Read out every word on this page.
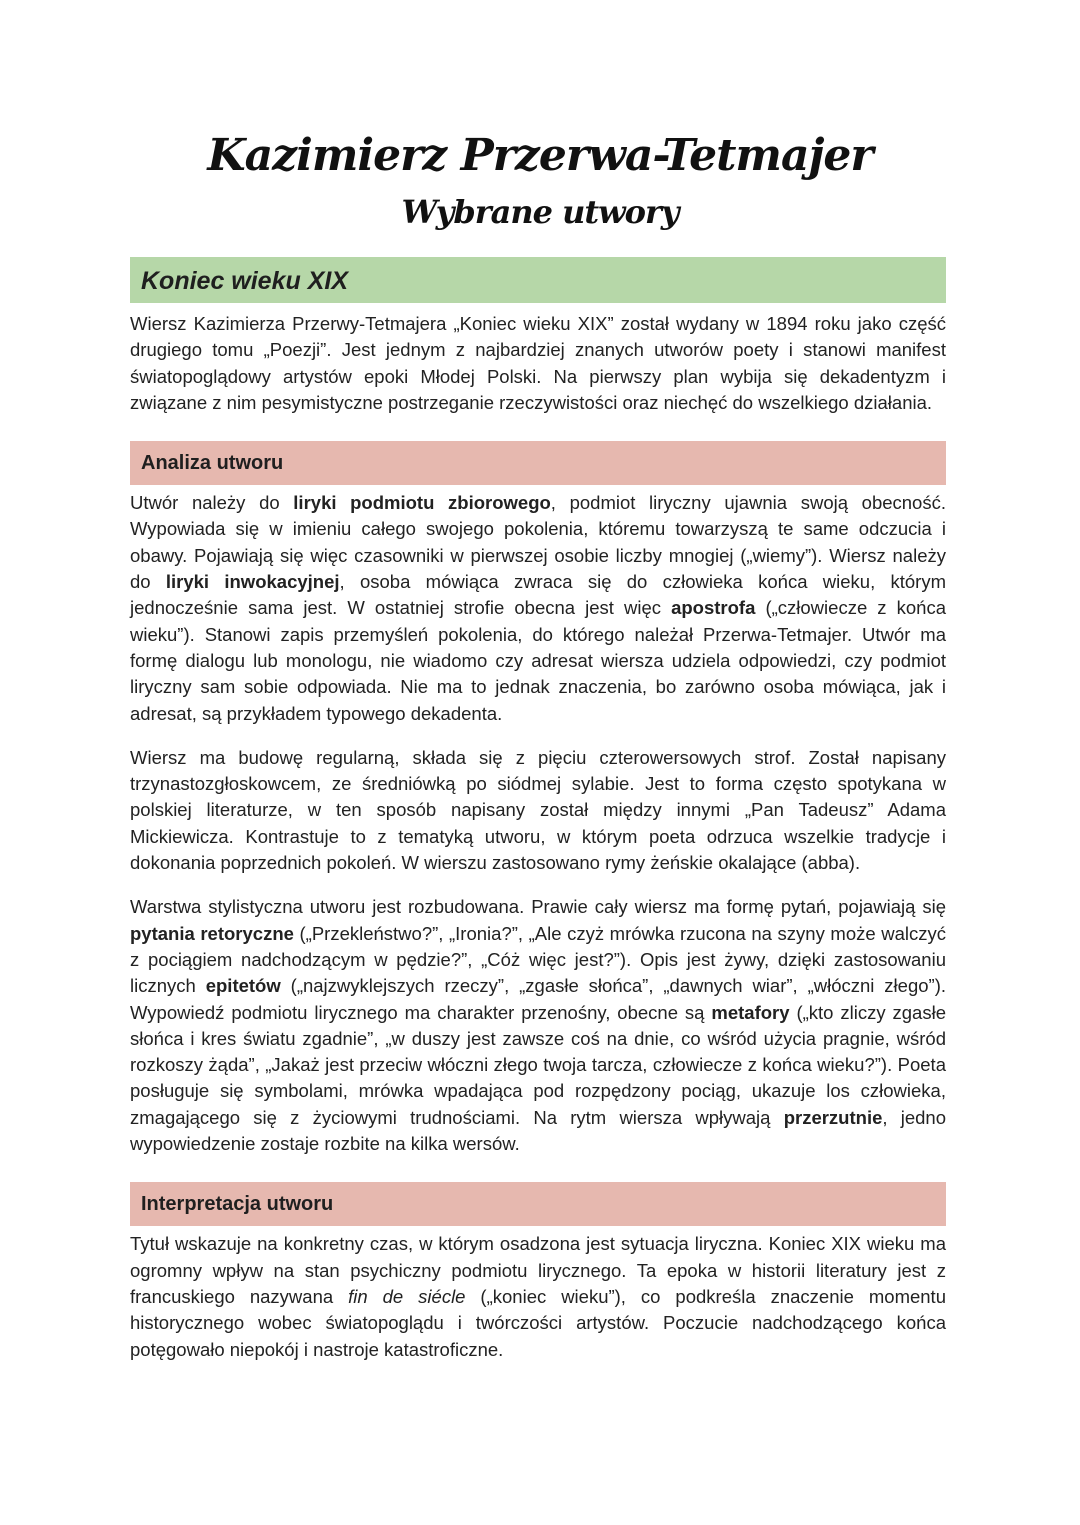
Kazimierz Przerwa-Tetmajer
Wybrane utwory
Koniec wieku XIX

Wiersz Kazimierza Przerwy-Tetmajera „Koniec wieku XIX” został wydany w 1894 roku jako część drugiego tomu „Poezji”. Jest jednym z najbardziej znanych utworów poety i stanowi manifest światopoglądowy artystów epoki Młodej Polski. Na pierwszy plan wybija się dekadentyzm i związane z nim pesymistyczne postrzeganie rzeczywistości oraz niechęć do wszelkiego działania.

Analiza utworu

Utwór należy do liryki podmiotu zbiorowego, podmiot liryczny ujawnia swoją obecność. Wypowiada się w imieniu całego swojego pokolenia, któremu towarzyszą te same odczucia i obawy. Pojawiają się więc czasowniki w pierwszej osobie liczby mnogiej („wiemy”). Wiersz należy do liryki inwokacyjnej, osoba mówiąca zwraca się do człowieka końca wieku, którym jednocześnie sama jest. W ostatniej strofie obecna jest więc apostrofa („człowiecze z końca wieku”). Stanowi zapis przemyśleń pokolenia, do którego należał Przerwa-Tetmajer. Utwór ma formę dialogu lub monologu, nie wiadomo czy adresat wiersza udziela odpowiedzi, czy podmiot liryczny sam sobie odpowiada. Nie ma to jednak znaczenia, bo zarówno osoba mówiąca, jak i adresat, są przykładem typowego dekadenta.

Wiersz ma budowę regularną, składa się z pięciu czterowersowych strof. Został napisany trzynastozgłoskowcem, ze średniówką po siódmej sylabie. Jest to forma często spotykana w polskiej literaturze, w ten sposób napisany został między innymi „Pan Tadeusz” Adama Mickiewicza. Kontrastuje to z tematyką utworu, w którym poeta odrzuca wszelkie tradycje i dokonania poprzednich pokoleń. W wierszu zastosowano rymy żeńskie okalające (abba).

Warstwa stylistyczna utworu jest rozbudowana. Prawie cały wiersz ma formę pytań, pojawiają się pytania retoryczne („Przekleństwo?”, „Ironia?”, „Ale czyż mrówka rzucona na szyny może walczyć z pociągiem nadchodzącym w pędzie?”, „Cóż więc jest?”). Opis jest żywy, dzięki zastosowaniu licznych epitetów („najzwyklejszych rzeczy”, „zgasłe słońca”, „dawnych wiar”, „włóczni złego”). Wypowiedź podmiotu lirycznego ma charakter przenośny, obecne są metafory („kto zliczy zgasłe słońca i kres światu zgadnie”, „w duszy jest zawsze coś na dnie, co wśród użycia pragnie, wśród rozkoszy żąda”, „Jakaż jest przeciw włóczni złego twoja tarcza, człowiecze z końca wieku?”). Poeta posługuje się symbolami, mrówka wpadająca pod rozpędzony pociąg, ukazuje los człowieka, zmagającego się z życiowymi trudnościami. Na rytm wiersza wpływają przerzutnie, jedno wypowiedzenie zostaje rozbite na kilka wersów.

Interpretacja utworu

Tytuł wskazuje na konkretny czas, w którym osadzona jest sytuacja liryczna. Koniec XIX wieku ma ogromny wpływ na stan psychiczny podmiotu lirycznego. Ta epoka w historii literatury jest z francuskiego nazywana fin de siécle („koniec wieku”), co podkreśla znaczenie momentu historycznego wobec światopoglądu i twórczości artystów. Poczucie nadchodzącego końca potęgowało niepokój i nastroje katastroficzne.
